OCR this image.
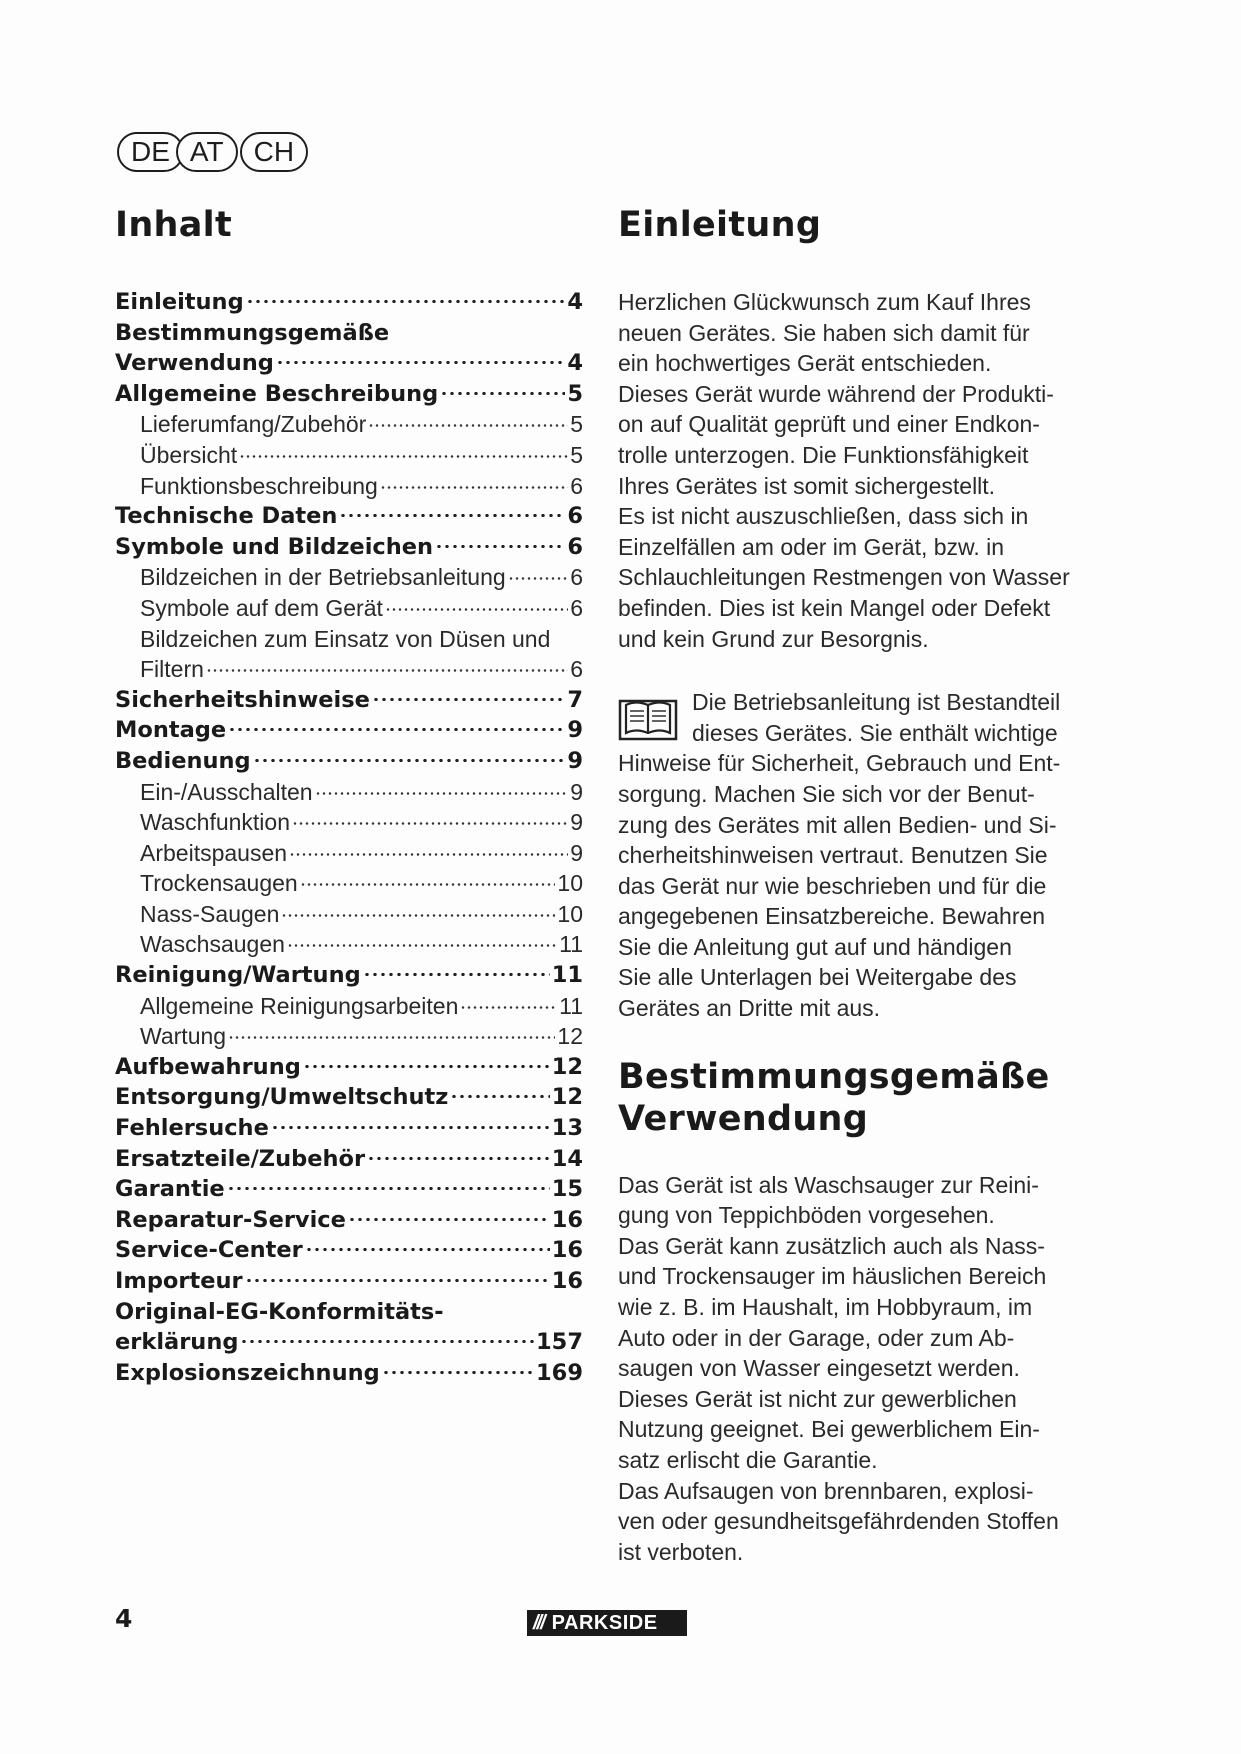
DE AT	CH
Inhalt
Einleitung	4
Bestimmungsgemäße
Verwendung	4
Allgemeine Beschreibung	5
Lieferumfang/Zubehör	5
Übersicht	5
Funktionsbeschreibung	6
Technische Daten	6
Symbole und Bildzeichen	6
Bildzeichen in der Betriebsanleitung	6
Symbole auf dem Gerät	6
Bildzeichen zum Einsatz von Düsen und
Filtern	6
Sicherheitshinweise	7
Montage	9
Bedienung	9
Ein-/Ausschalten	9
Waschfunktion	9
Arbeitspausen	9
Trockensaugen	10
Nass-Saugen	10
Waschsaugen	11
Reinigung/Wartung	11
Allgemeine Reinigungsarbeiten	11
Wartung	12
Aufbewahrung	12
Entsorgung/Umweltschutz	12
Fehlersuche	13
Ersatzteile/Zubehör	14
Garantie	15
Reparatur-Service	16
Service-Center	16
Importeur	16
Original-EG-Konformitäts-
erklärung	157
Explosionszeichnung	169
Einleitung

Herzlichen Glückwunsch zum Kauf Ihres
neuen Gerätes. Sie haben sich damit für
ein hochwertiges Gerät entschieden.
Dieses Gerät wurde während der Produkti-
on auf Qualität geprüft und einer Endkon-
trolle unterzogen. Die Funktionsfähigkeit
Ihres Gerätes ist somit sichergestellt.
Es ist nicht auszuschließen, dass sich in
Einzelfällen am oder im Gerät, bzw. in
Schlauchleitungen Restmengen von Wasser
befinden. Dies ist kein Mangel oder Defekt
und kein Grund zur Besorgnis.

Die Betriebsanleitung ist Bestandteil
dieses Gerätes. Sie enthält wichtige
Hinweise für Sicherheit, Gebrauch und Ent-
sorgung. Machen Sie sich vor der Benut-
zung des Gerätes mit allen Bedien- und Si-
cherheitshinweisen vertraut. Benutzen Sie
das Gerät nur wie beschrieben und für die
angegebenen Einsatzbereiche. Bewahren
Sie die Anleitung gut auf und händigen
Sie alle Unterlagen bei Weitergabe des
Gerätes an Dritte mit aus.

Bestimmungsgemäße
Verwendung

Das Gerät ist als Waschsauger zur Reini-
gung von Teppichböden vorgesehen.
Das Gerät kann zusätzlich auch als Nass-
und Trockensauger im häuslichen Bereich
wie z. B. im Haushalt, im Hobbyraum, im
Auto oder in der Garage, oder zum Ab-
saugen von Wasser eingesetzt werden.
Dieses Gerät ist nicht zur gewerblichen
Nutzung geeignet. Bei gewerblichem Ein-
satz erlischt die Garantie.
Das Aufsaugen von brennbaren, explosi-
ven oder gesundheitsgefährdenden Stoffen
ist verboten.

4	/// PARKSIDE
